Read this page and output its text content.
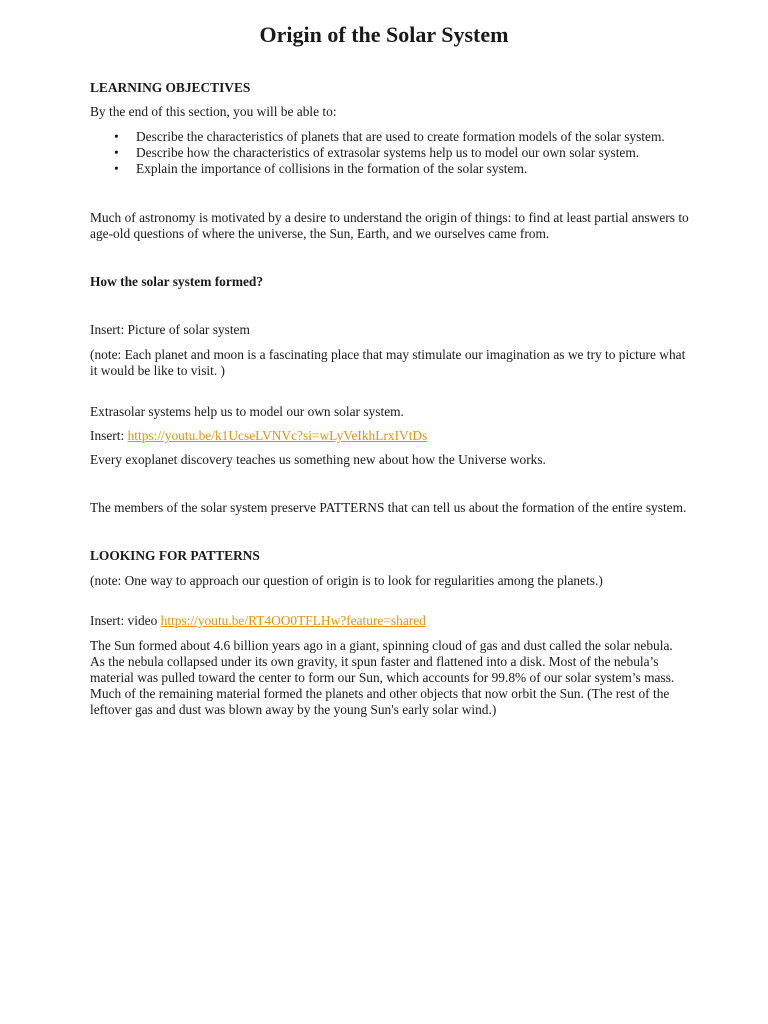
Origin of the Solar System

LEARNING OBJECTIVES

By the end of this section, you will be able to:

• Describe the characteristics of planets that are used to create formation models of the solar system.
• Describe how the characteristics of extrasolar systems help us to model our own solar system.
• Explain the importance of collisions in the formation of the solar system.

Much of astronomy is motivated by a desire to understand the origin of things: to find at least partial answers to age-old questions of where the universe, the Sun, Earth, and we ourselves came from.

How the solar system formed?

Insert: Picture of solar system

(note: Each planet and moon is a fascinating place that may stimulate our imagination as we try to picture what it would be like to visit. )

Extrasolar systems help us to model our own solar system.

Insert: https://youtu.be/k1UcseLVNVc?si=wLyVeIkhLrxIVtDs

Every exoplanet discovery teaches us something new about how the Universe works.

The members of the solar system preserve PATTERNS that can tell us about the formation of the entire system.

LOOKING FOR PATTERNS

(note: One way to approach our question of origin is to look for regularities among the planets.)

Insert: video https://youtu.be/RT4OO0TFLHw?feature=shared

The Sun formed about 4.6 billion years ago in a giant, spinning cloud of gas and dust called the solar nebula. As the nebula collapsed under its own gravity, it spun faster and flattened into a disk. Most of the nebula’s material was pulled toward the center to form our Sun, which accounts for 99.8% of our solar system’s mass. Much of the remaining material formed the planets and other objects that now orbit the Sun. (The rest of the leftover gas and dust was blown away by the young Sun's early solar wind.)
